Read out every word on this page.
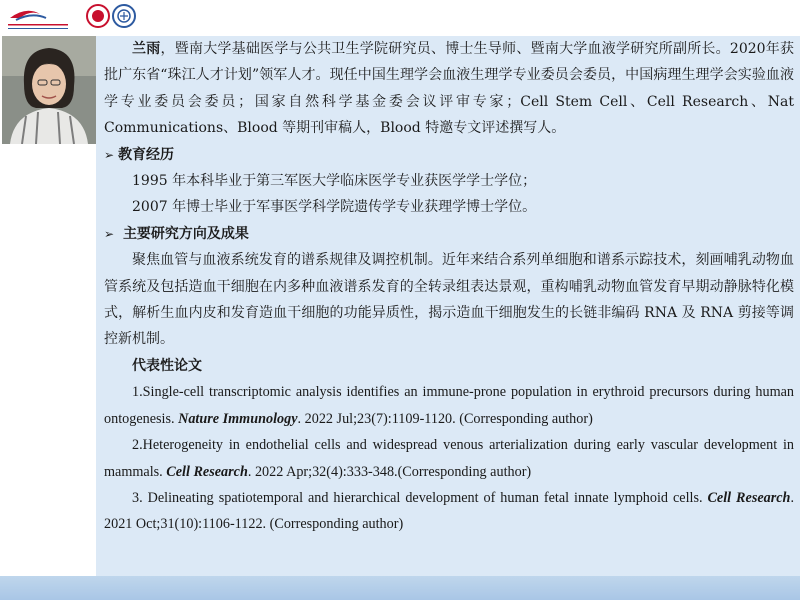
兰雨，暨南大学基础医学与公共卫生学院研究员、博士生导师、暨南大学血液学研究所副所长。2020年获批广东省“珠江人才计划”领军人才。现任中国生理学会血液生理学专业委员会委员，中国病理生理学会实验血液学专业委员会委员；国家自然科学基金委会议评审专家；Cell Stem Cell、Cell Research、Nat Communications、Blood 等期刊审稿人，Blood 特邀专文评述撰写人。

➢ 教育经历

1995 年本科毕业于第三军医大学临床医学专业获医学学士学位；

2007 年博士毕业于军事医学科学院遗传学专业获理学博士学位。

➢ 主要研究方向及成果

聚焦血管与血液系统发育的谱系规律及调控机制。近年来结合系列单细胞和谱系示踪技术，刻画哺乳动物血管系统及包括造血干细胞在内多种血液谱系发育的全转录组表达景观，重构哺乳动物血管发育早期动静脉特化模式，解析生血内皮和发育造血干细胞的功能异质性，揭示造血干细胞发生的长链非编码 RNA 及 RNA 剪接等调控新机制。

代表性论文

1.Single-cell transcriptomic analysis identifies an immune-prone population in erythroid precursors during human ontogenesis. Nature Immunology. 2022 Jul;23(7):1109-1120. (Corresponding author)

2.Heterogeneity in endothelial cells and widespread venous arterialization during early vascular development in mammals. Cell Research. 2022 Apr;32(4):333-348.(Corresponding author)

3. Delineating spatiotemporal and hierarchical development of human fetal innate lymphoid cells. Cell Research. 2021 Oct;31(10):1106-1122. (Corresponding author)
